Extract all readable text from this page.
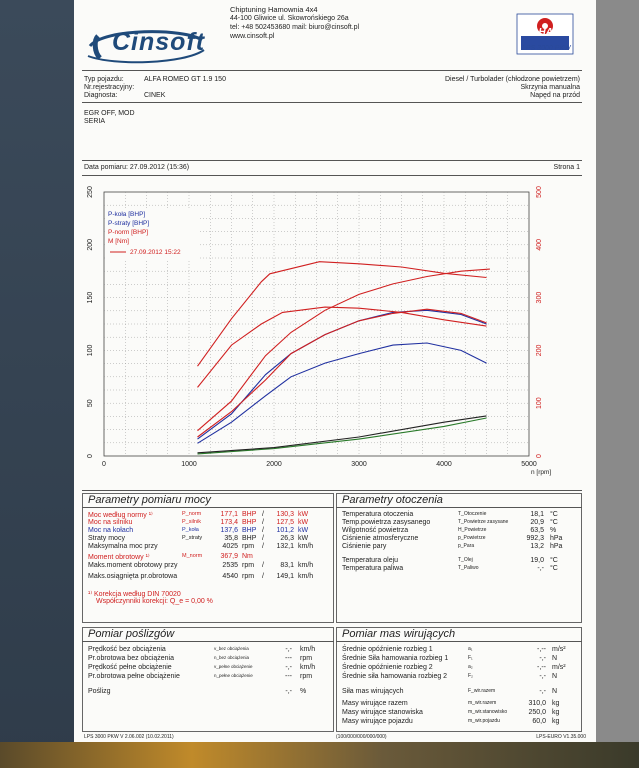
Cinsoft
Chiptuning Hamownia 4x4
44-100 Gliwice ul. Skowrońskiego 26a
tel: +48 502453680 mail: biuro@cinsoft.pl
www.cinsoft.pl	MAHA
LPS 3000 PKW
Typ pojazdu:	ALFA ROMEO GT 1.9 150
Nr.rejestracyjny:
Diagnosta:	CINEK
Diesel / Turbolader (chłodzone powietrzem)
Skrzynia manualna
Napęd na przód
EGR OFF, MOD
SERIA
Data pomiaru: 27.09.2012 (15:36)	Strona 1
0	1000	2000	3000	4000	5000
n [rpm]
0
50
100
150
200
250
0
100
200
300
400
500
P-koła [BHP]
P-straty [BHP]
P-norm [BHP]
M [Nm]
27.09.2012 15:22
Parametry pomiaru mocy	Parametry otoczenia
Pomiar poślizgów	Pomiar mas wirujących
LPS 3000 PKW V 2.06.002 (10.02.2011)	(100/000/000/000/000)	LPS-EURO V1.35.000
Moc według normy ¹⁾	P_norm	177,1 BHP /	130,3 kW
Moc na silniku	P_silnik	173,4 BHP /	127,5 kW
Moc na kołach	P_koła	137,6 BHP /	101,2 kW
Straty mocy	P_straty	35,8 BHP /	26,3 kW
Maksymalna moc przy	4025 rpm /	132,1 km/h
Moment obrotowy ¹⁾	M_norm	367,9 Nm
Maks.moment obrotowy przy	2535 rpm /	83,1 km/h
Maks.osiągnięta pr.obrotowa	4540 rpm /	149,1 km/h
¹⁾ Korekcja według DIN 70020
Współczynniki korekcji: Q_e = 0,00 %
Temperatura otoczenia	T_Otoczenie	18,1 °C
Temp.powietrza zasysanego	T_Powietrze zasysane	20,9 °C
Wilgotność powietrza	H_Powietrze	63,5 %
Ciśnienie atmosferyczne	p_Powietrze	992,3 hPa
Ciśnienie pary	p_Para	13,2 hPa
Temperatura oleju	T_Olej	19,0 °C
Temperatura paliwa	T_Paliwo	-,- °C
Prędkość bez obciążenia	v_bez obciążenia	-,- km/h
Pr.obrotowa bez obciążenia	n_bez obciążenia	--- rpm
Prędkość pełne obciążenie	v_pełne obciążenie	-,- km/h
Pr.obrotowa pełne obciążenie	n_pełne obciążenie	--- rpm
Poślizg	-,- %
Średnie opóźnienie rozbieg 1	a₁	-,-- m/s²
Średnie Siła hamowania rozbieg 1	F₁	-,- N
Średnie opóźnienie rozbieg 2	a₂	-,-- m/s²
Średnie siła hamowania rozbieg 2	F₂	-,- N
Siła mas wirujących	F_wir.razem	-,- N
Masy wirujące razem	m_wir.razem	310,0 kg
Masy wirujące stanowiska	m_wir.stanowisko	250,0 kg
Masy wirujące pojazdu	m_wir.pojazdu	60,0 kg
